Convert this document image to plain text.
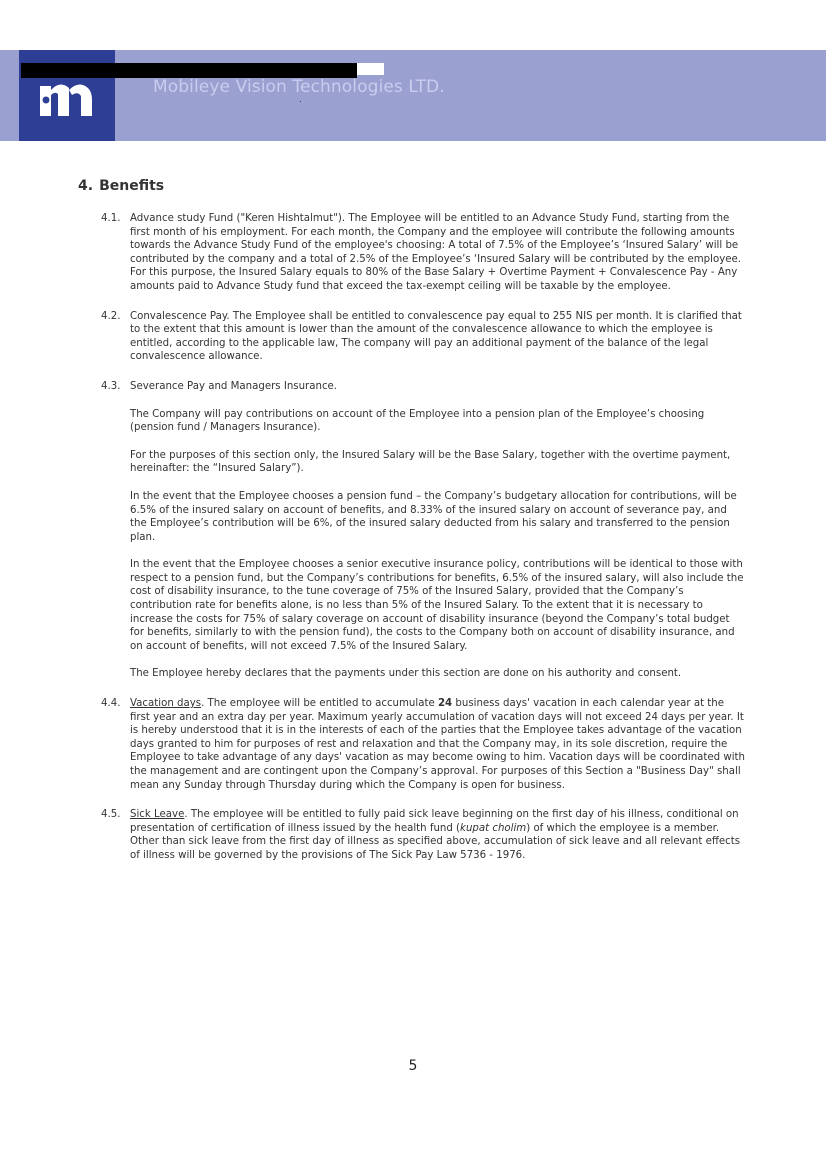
Mobileye Vision Technologies LTD.
4. Benefits
4.1. Advance study Fund ("Keren Hishtalmut"). The Employee will be entitled to an Advance Study Fund, starting from the first month of his employment. For each month, the Company and the employee will contribute the following amounts towards the Advance Study Fund of the employee's choosing: A total of 7.5% of the Employee’s ‘Insured Salary’ will be contributed by the company and a total of 2.5% of the Employee’s ‘Insured Salary will be contributed by the employee. For this purpose, the Insured Salary equals to 80% of the Base Salary + Overtime Payment + Convalescence Pay - Any amounts paid to Advance Study fund that exceed the tax-exempt ceiling will be taxable by the employee.

4.2. Convalescence Pay. The Employee shall be entitled to convalescence pay equal to 255 NIS per month. It is clarified that to the extent that this amount is lower than the amount of the convalescence allowance to which the employee is entitled, according to the applicable law, The company will pay an additional payment of the balance of the legal convalescence allowance.

4.3. Severance Pay and Managers Insurance.

The Company will pay contributions on account of the Employee into a pension plan of the Employee’s choosing (pension fund / Managers Insurance).

For the purposes of this section only, the Insured Salary will be the Base Salary, together with the overtime payment, hereinafter: the “Insured Salary”).

In the event that the Employee chooses a pension fund – the Company’s budgetary allocation for contributions, will be 6.5% of the insured salary on account of benefits, and 8.33% of the insured salary on account of severance pay, and the Employee’s contribution will be 6%, of the insured salary deducted from his salary and transferred to the pension plan.

In the event that the Employee chooses a senior executive insurance policy, contributions will be identical to those with respect to a pension fund, but the Company’s contributions for benefits, 6.5% of the insured salary, will also include the cost of disability insurance, to the tune coverage of 75% of the Insured Salary, provided that the Company’s contribution rate for benefits alone, is no less than 5% of the Insured Salary. To the extent that it is necessary to increase the costs for 75% of salary coverage on account of disability insurance (beyond the Company’s total budget for benefits, similarly to with the pension fund), the costs to the Company both on account of disability insurance, and on account of benefits, will not exceed 7.5% of the Insured Salary.

The Employee hereby declares that the payments under this section are done on his authority and consent.

4.4. Vacation days. The employee will be entitled to accumulate 24 business days' vacation in each calendar year at the first year and an extra day per year. Maximum yearly accumulation of vacation days will not exceed 24 days per year. It is hereby understood that it is in the interests of each of the parties that the Employee takes advantage of the vacation days granted to him for purposes of rest and relaxation and that the Company may, in its sole discretion, require the Employee to take advantage of any days' vacation as may become owing to him. Vacation days will be coordinated with the management and are contingent upon the Company’s approval. For purposes of this Section a "Business Day" shall mean any Sunday through Thursday during which the Company is open for business.

4.5. Sick Leave. The employee will be entitled to fully paid sick leave beginning on the first day of his illness, conditional on presentation of certification of illness issued by the health fund (kupat cholim) of which the employee is a member. Other than sick leave from the first day of illness as specified above, accumulation of sick leave and all relevant effects of illness will be governed by the provisions of The Sick Pay Law 5736 - 1976.

5
